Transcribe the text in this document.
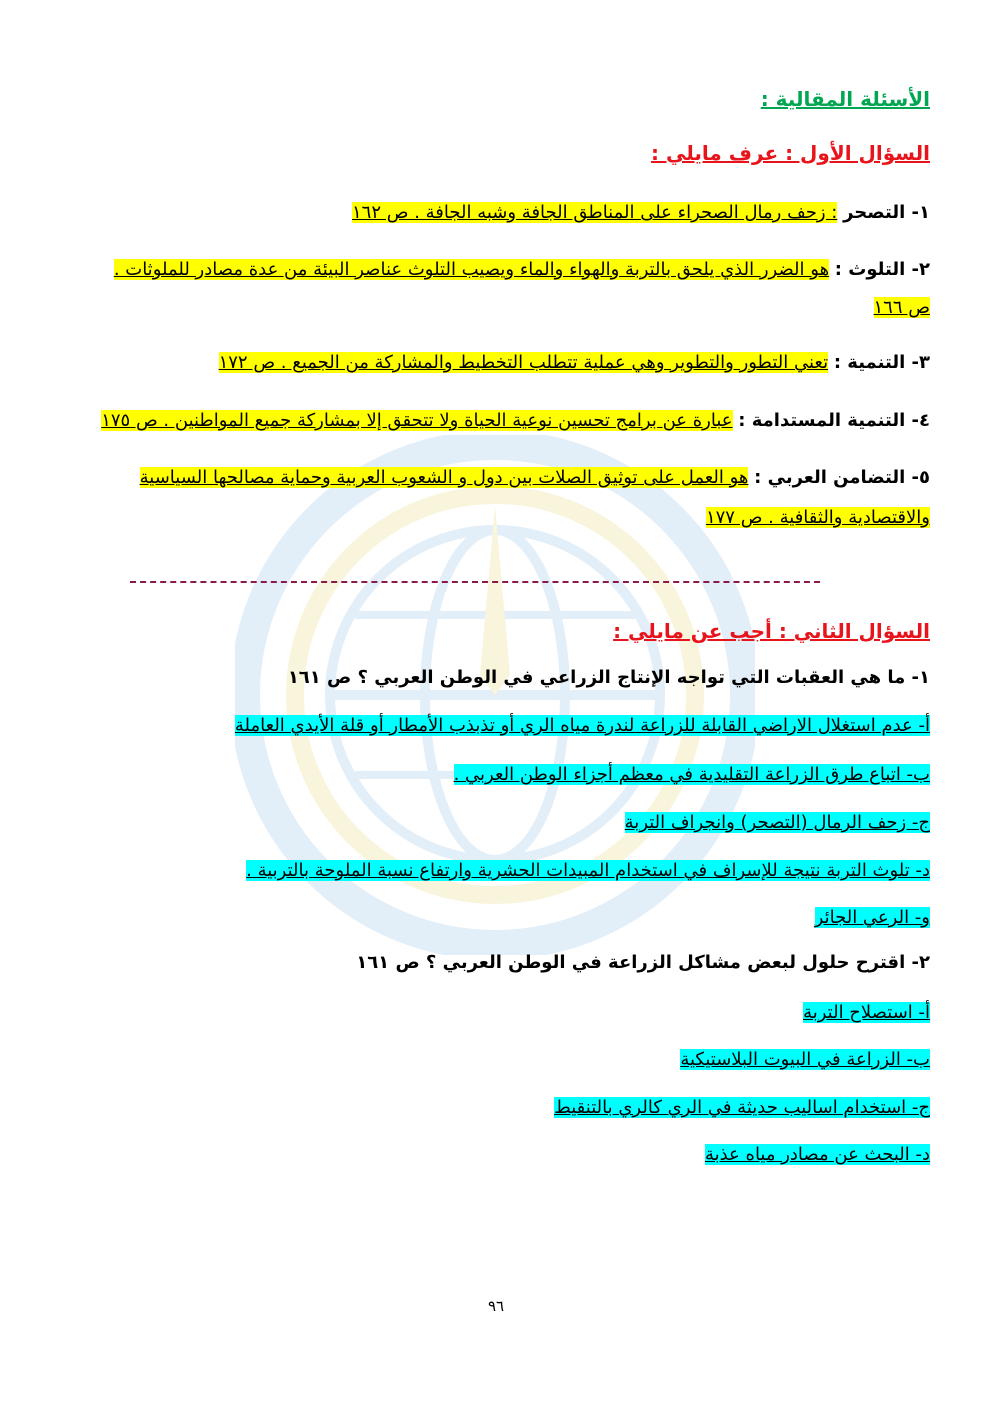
الأسئلة المقالية :
السؤال الأول : عرف مايلي :
١- التصحر : زحف رمال الصحراء على المناطق الجافة وشبه الجافة . ص ١٦٢
٢- التلوث : هو الضرر الذي يلحق بالتربة والهواء والماء ويصيب التلوث عناصر البيئة من عدة مصادر للملوثات .
ص ١٦٦
٣- التنمية : تعني التطور والتطوير وهي عملية تتطلب التخطيط والمشاركة من الجميع . ص ١٧٢
٤- التنمية المستدامة : عبارة عن برامج تحسين نوعية الحياة ولا تتحقق إلا بمشاركة جميع المواطنين . ص ١٧٥
٥- التضامن العربي : هو العمل على توثيق الصلات بين دول و الشعوب العربية وحماية مصالحها السياسية
والاقتصادية والثقافية . ص ١٧٧
السؤال الثاني : أجب عن مايلي :
١- ما هي العقبات التي تواجه الإنتاج الزراعي في الوطن العربي ؟ ص ١٦١
أ- عدم استغلال الاراضي القابلة للزراعة لندرة مياه الري أو تذبذب الأمطار أو قلة الأيدي العاملة
ب- اتباع طرق الزراعة التقليدية في معظم أجزاء الوطن العربي .
ج- زحف الرمال (التصحر) وانجراف التربة
د- تلوث التربة نتيجة للإسراف في استخدام المبيدات الحشرية وارتفاع نسبة الملوحة بالتربية .
و- الرعي الجائر
٢- اقترح حلول لبعض مشاكل الزراعة في الوطن العربي ؟ ص ١٦١
أ- استصلاح التربة
ب- الزراعة في البيوت البلاستيكية
ج- استخدام اساليب حديثة في الري كالري بالتنقيط
د- البحث عن مصادر مياه عذبة
٩٦
